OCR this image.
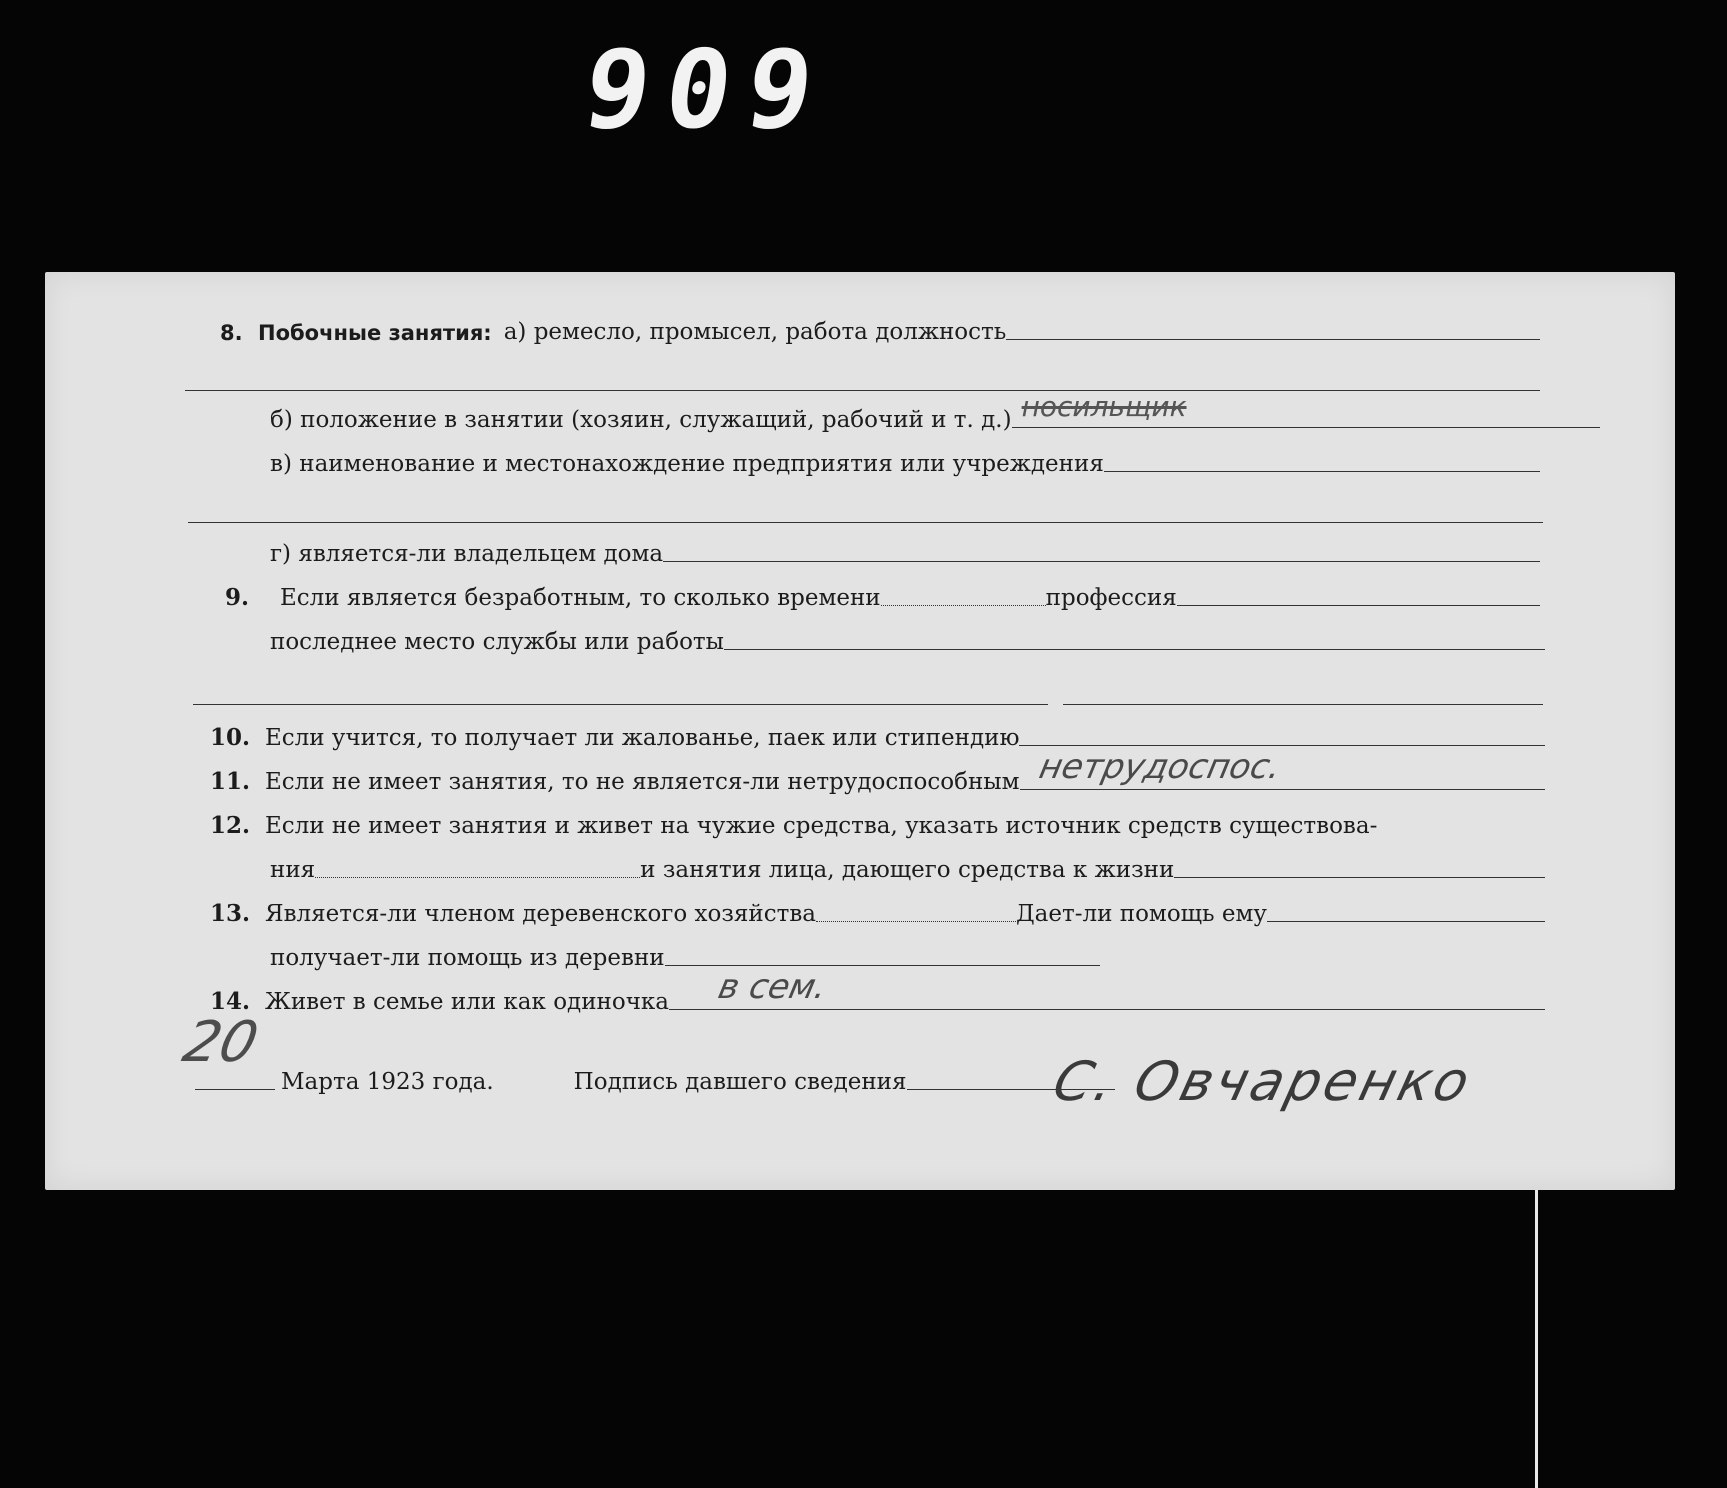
909
8. Побочные занятия: а) ремесло, промысел, работа должность
б) положение в занятии (хозяин, служащий, рабочий и т. д.) носильщик
в) наименование и местонахождение предприятия или учреждения
г) является-ли владельцем дома
9.	Если является безработным, то сколько времени	профессия
последнее место службы или работы
10. Если учится, то получает ли жалованье, паек или стипендию
11. Если не имеет занятия, то не является-ли нетрудоспособным нетрудоспос.
12. Если не имеет занятия и живет на чужие средства, указать источник средств существова-
ния	и занятия лица, дающего средства к жизни
13. Является-ли членом деревенского хозяйства	Дает-ли помощь ему
получает-ли помощь из деревни
14. Живет в семье или как одиночка в сем.
Марта 1923 года.	Подпись давшего сведения
20
С. Овчаренко
